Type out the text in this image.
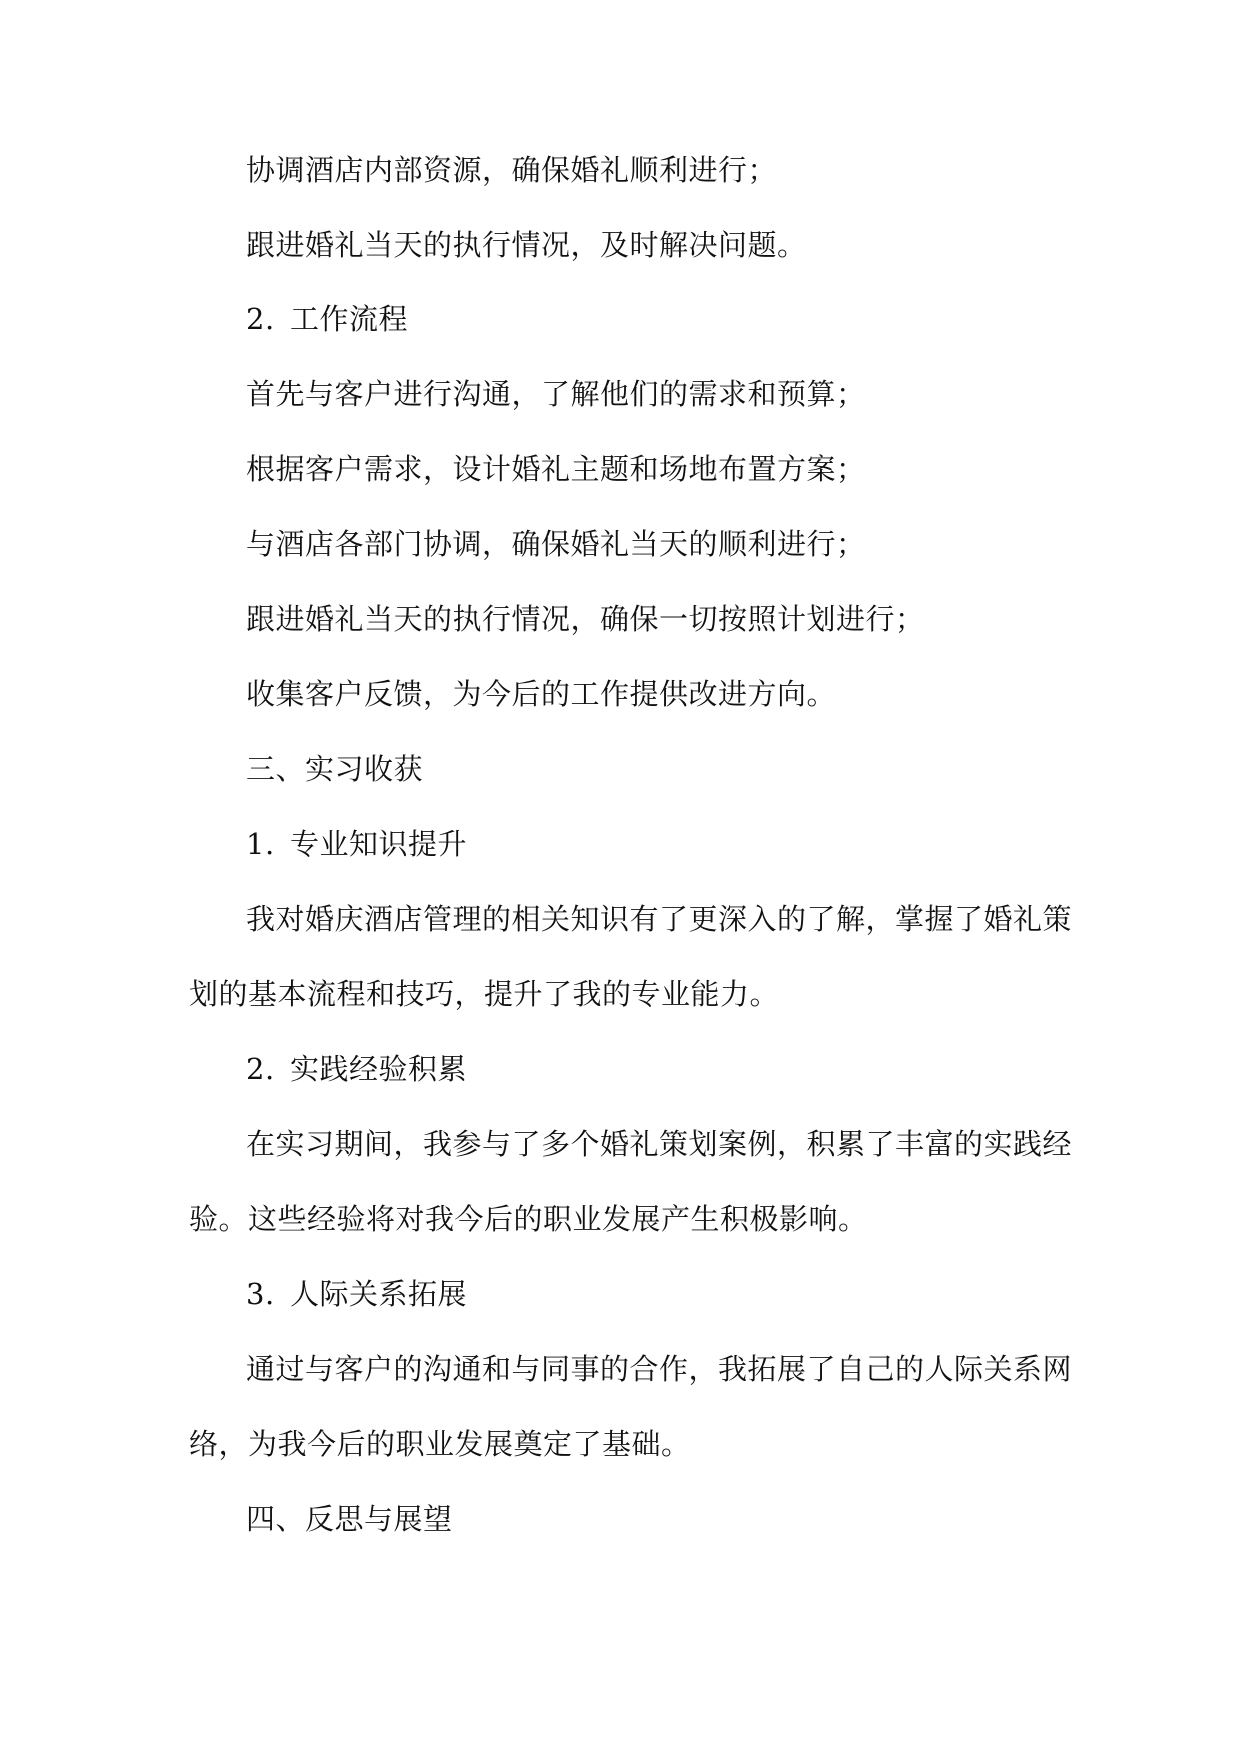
协调酒店内部资源，确保婚礼顺利进行；
跟进婚礼当天的执行情况，及时解决问题。
2. 工作流程
首先与客户进行沟通，了解他们的需求和预算；
根据客户需求，设计婚礼主题和场地布置方案；
与酒店各部门协调，确保婚礼当天的顺利进行；
跟进婚礼当天的执行情况，确保一切按照计划进行；
收集客户反馈，为今后的工作提供改进方向。
三、实习收获
1. 专业知识提升
我对婚庆酒店管理的相关知识有了更深入的了解，掌握了婚礼策
划的基本流程和技巧，提升了我的专业能力。
2. 实践经验积累
在实习期间，我参与了多个婚礼策划案例，积累了丰富的实践经
验。这些经验将对我今后的职业发展产生积极影响。
3. 人际关系拓展
通过与客户的沟通和与同事的合作，我拓展了自己的人际关系网
络，为我今后的职业发展奠定了基础。
四、反思与展望
